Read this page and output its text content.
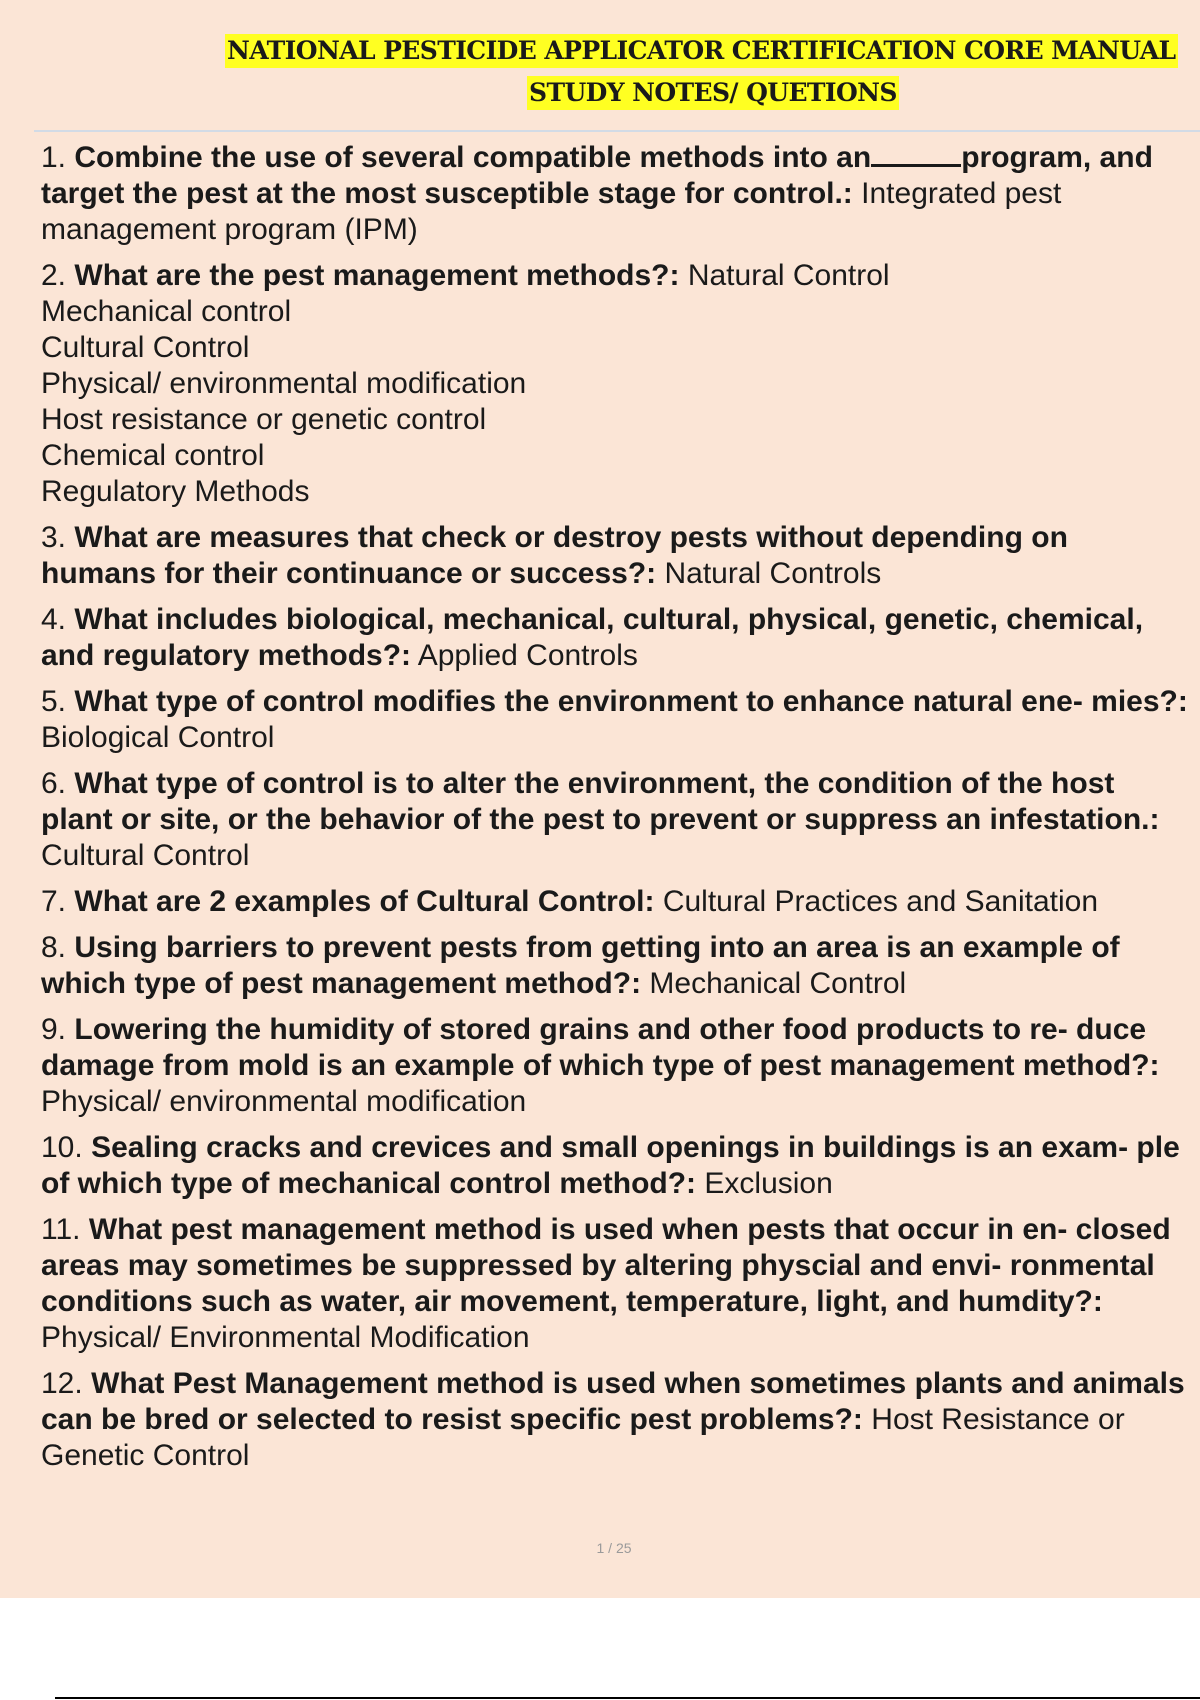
NATIONAL PESTICIDE APPLICATOR CERTIFICATION CORE MANUAL
STUDY NOTES/ QUETIONS
1. Combine the use of several compatible methods into an	program, and target the pest at the most susceptible stage for control.: Integrated pest management program (IPM)
2. What are the pest management methods?: Natural Control
Mechanical control
Cultural Control
Physical/ environmental modification
Host resistance or genetic control
Chemical control
Regulatory Methods
3. What are measures that check or destroy pests without depending on humans for their continuance or success?: Natural Controls
4. What includes biological, mechanical, cultural, physical, genetic, chemical, and regulatory methods?: Applied Controls
5. What type of control modifies the environment to enhance natural ene- mies?: Biological Control
6. What type of control is to alter the environment, the condition of the host plant or site, or the behavior of the pest to prevent or suppress an infestation.: Cultural Control
7. What are 2 examples of Cultural Control: Cultural Practices and Sanitation
8. Using barriers to prevent pests from getting into an area is an example of which type of pest management method?: Mechanical Control
9. Lowering the humidity of stored grains and other food products to re- duce damage from mold is an example of which type of pest management method?: Physical/ environmental modification
10. Sealing cracks and crevices and small openings in buildings is an exam- ple of which type of mechanical control method?: Exclusion
11. What pest management method is used when pests that occur in en- closed areas may sometimes be suppressed by altering physcial and envi- ronmental conditions such as water, air movement, temperature, light, and humdity?: Physical/ Environmental Modification
12. What Pest Management method is used when sometimes plants and animals can be bred or selected to resist specific pest problems?: Host Resistance or Genetic Control
1 / 25
